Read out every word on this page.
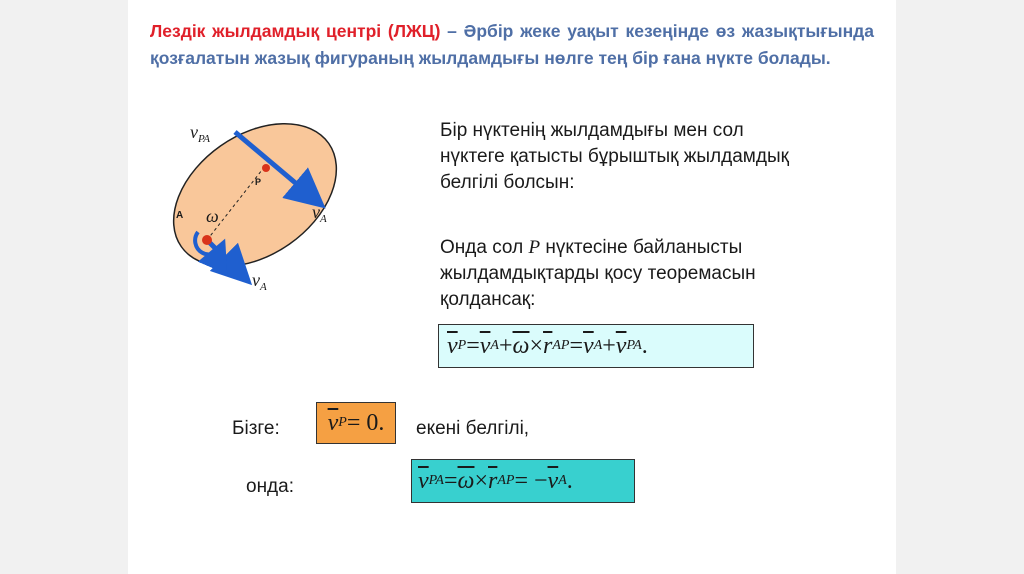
Лездік жылдамдық центрі (ЛЖЦ) – Әрбір жеке уақыт кезеңінде өз жазықтығында қозғалатын жазық фигураның жылдамдығы нөлге тең бір ғана нүкте болады.
$v_{PA}$
$v_A$
$v_A$
A
P
ω
Бір нүктенің жылдамдығы мен сол нүктеге қатысты бұрыштық жылдамдық белгілі болсын:
Онда сол P нүктесіне байланысты жылдамдықтарды қосу теоремасын қолдансақ:
$\overline{v}$ $P = \overline{v}$ $A + \overline{\omega} \times \overline{r}$ AP = $\overline{v}$ $A + \overline{v}$ PA .
Бізге: $\overline{v}$ P = 0. екені белгілі,
онда:	$\overline{v}$ PA = $\overline{\omega} \times \overline{r}$ AP = − $\overline{v}$ A .
